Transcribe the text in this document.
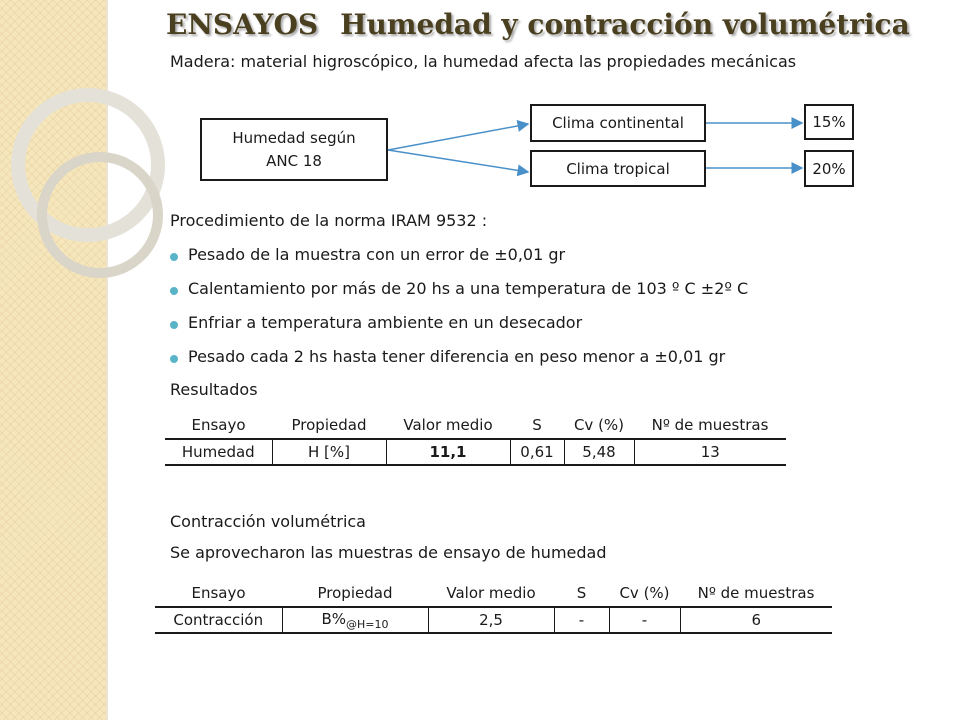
ENSAYOS Humedad y contracción volumétrica
Madera: material higroscópico, la humedad afecta las propiedades mecánicas
Humedad según
ANC 18
Clima continental
Clima tropical
15%
20%
Procedimiento de la norma IRAM 9532 :
Pesado de la muestra con un error de ±0,01 gr
Calentamiento por más de 20 hs a una temperatura de 103 º C ±2º C
Enfriar a temperatura ambiente en un desecador
Pesado cada 2 hs hasta tener diferencia en peso menor a ±0,01 gr
Resultados
Ensayo	Propiedad	Valor medio	S	Cv (%)	Nº de muestras
Humedad	H [%]	11,1	0,61	5,48	13
Contracción volumétrica
Se aprovecharon las muestras de ensayo de humedad
Ensayo	Propiedad	Valor medio	S	Cv (%)	Nº de muestras
Contracción	$B\%_{@H=10}$	2,5	-	-	6
